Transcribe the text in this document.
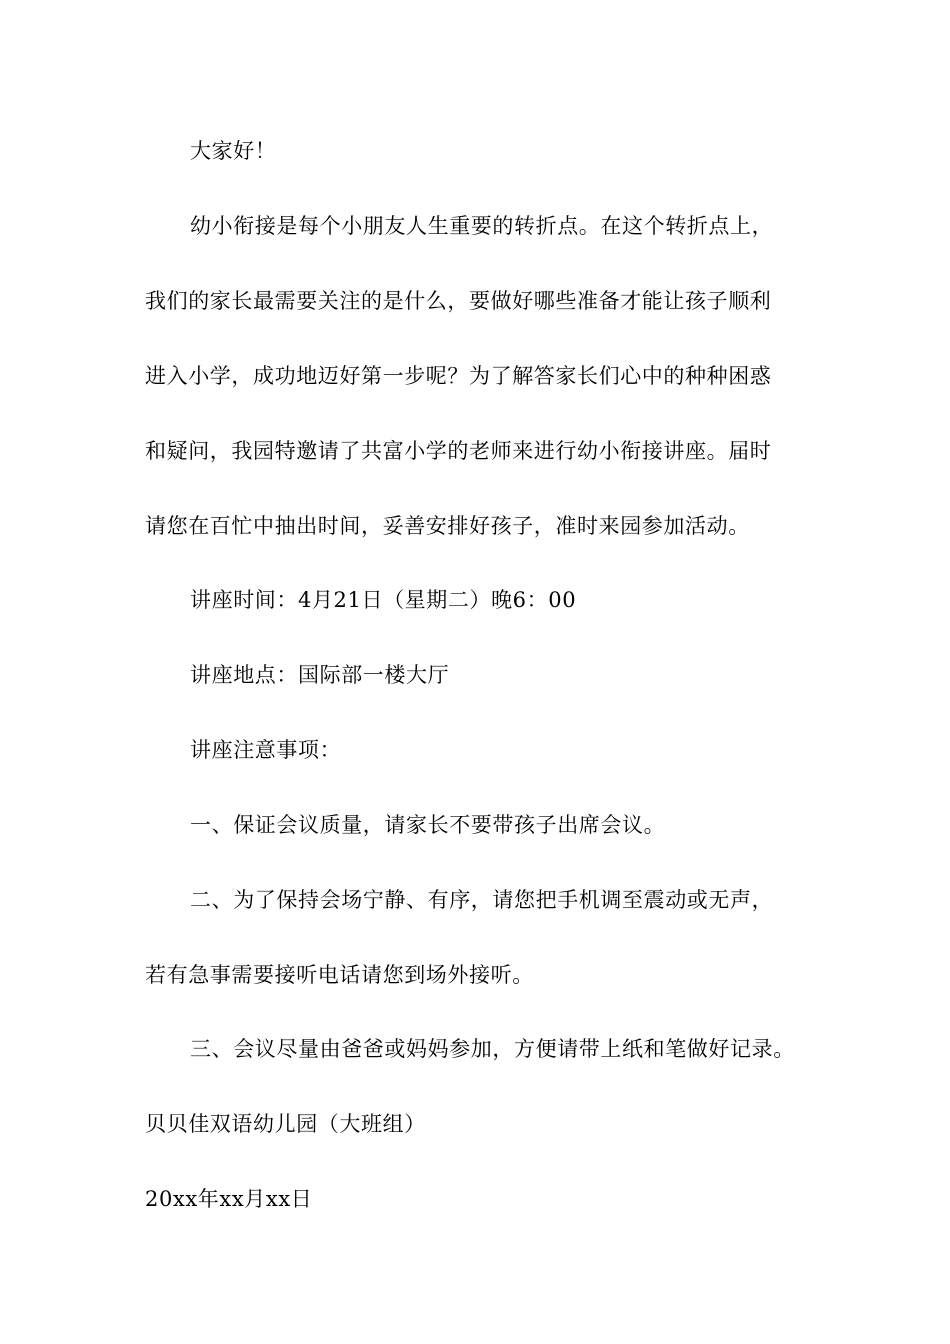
大家好！
幼小衔接是每个小朋友人生重要的转折点。在这个转折点上，
我们的家长最需要关注的是什么，要做好哪些准备才能让孩子顺利
进入小学，成功地迈好第一步呢？为了解答家长们心中的种种困惑
和疑问，我园特邀请了共富小学的老师来进行幼小衔接讲座。届时
请您在百忙中抽出时间，妥善安排好孩子，准时来园参加活动。
讲座时间：4月21日（星期二）晚6：00
讲座地点：国际部一楼大厅
讲座注意事项：
一、保证会议质量，请家长不要带孩子出席会议。
二、为了保持会场宁静、有序，请您把手机调至震动或无声，
若有急事需要接听电话请您到场外接听。
三、会议尽量由爸爸或妈妈参加，方便请带上纸和笔做好记录。
贝贝佳双语幼儿园（大班组）
20xx年xx月xx日
